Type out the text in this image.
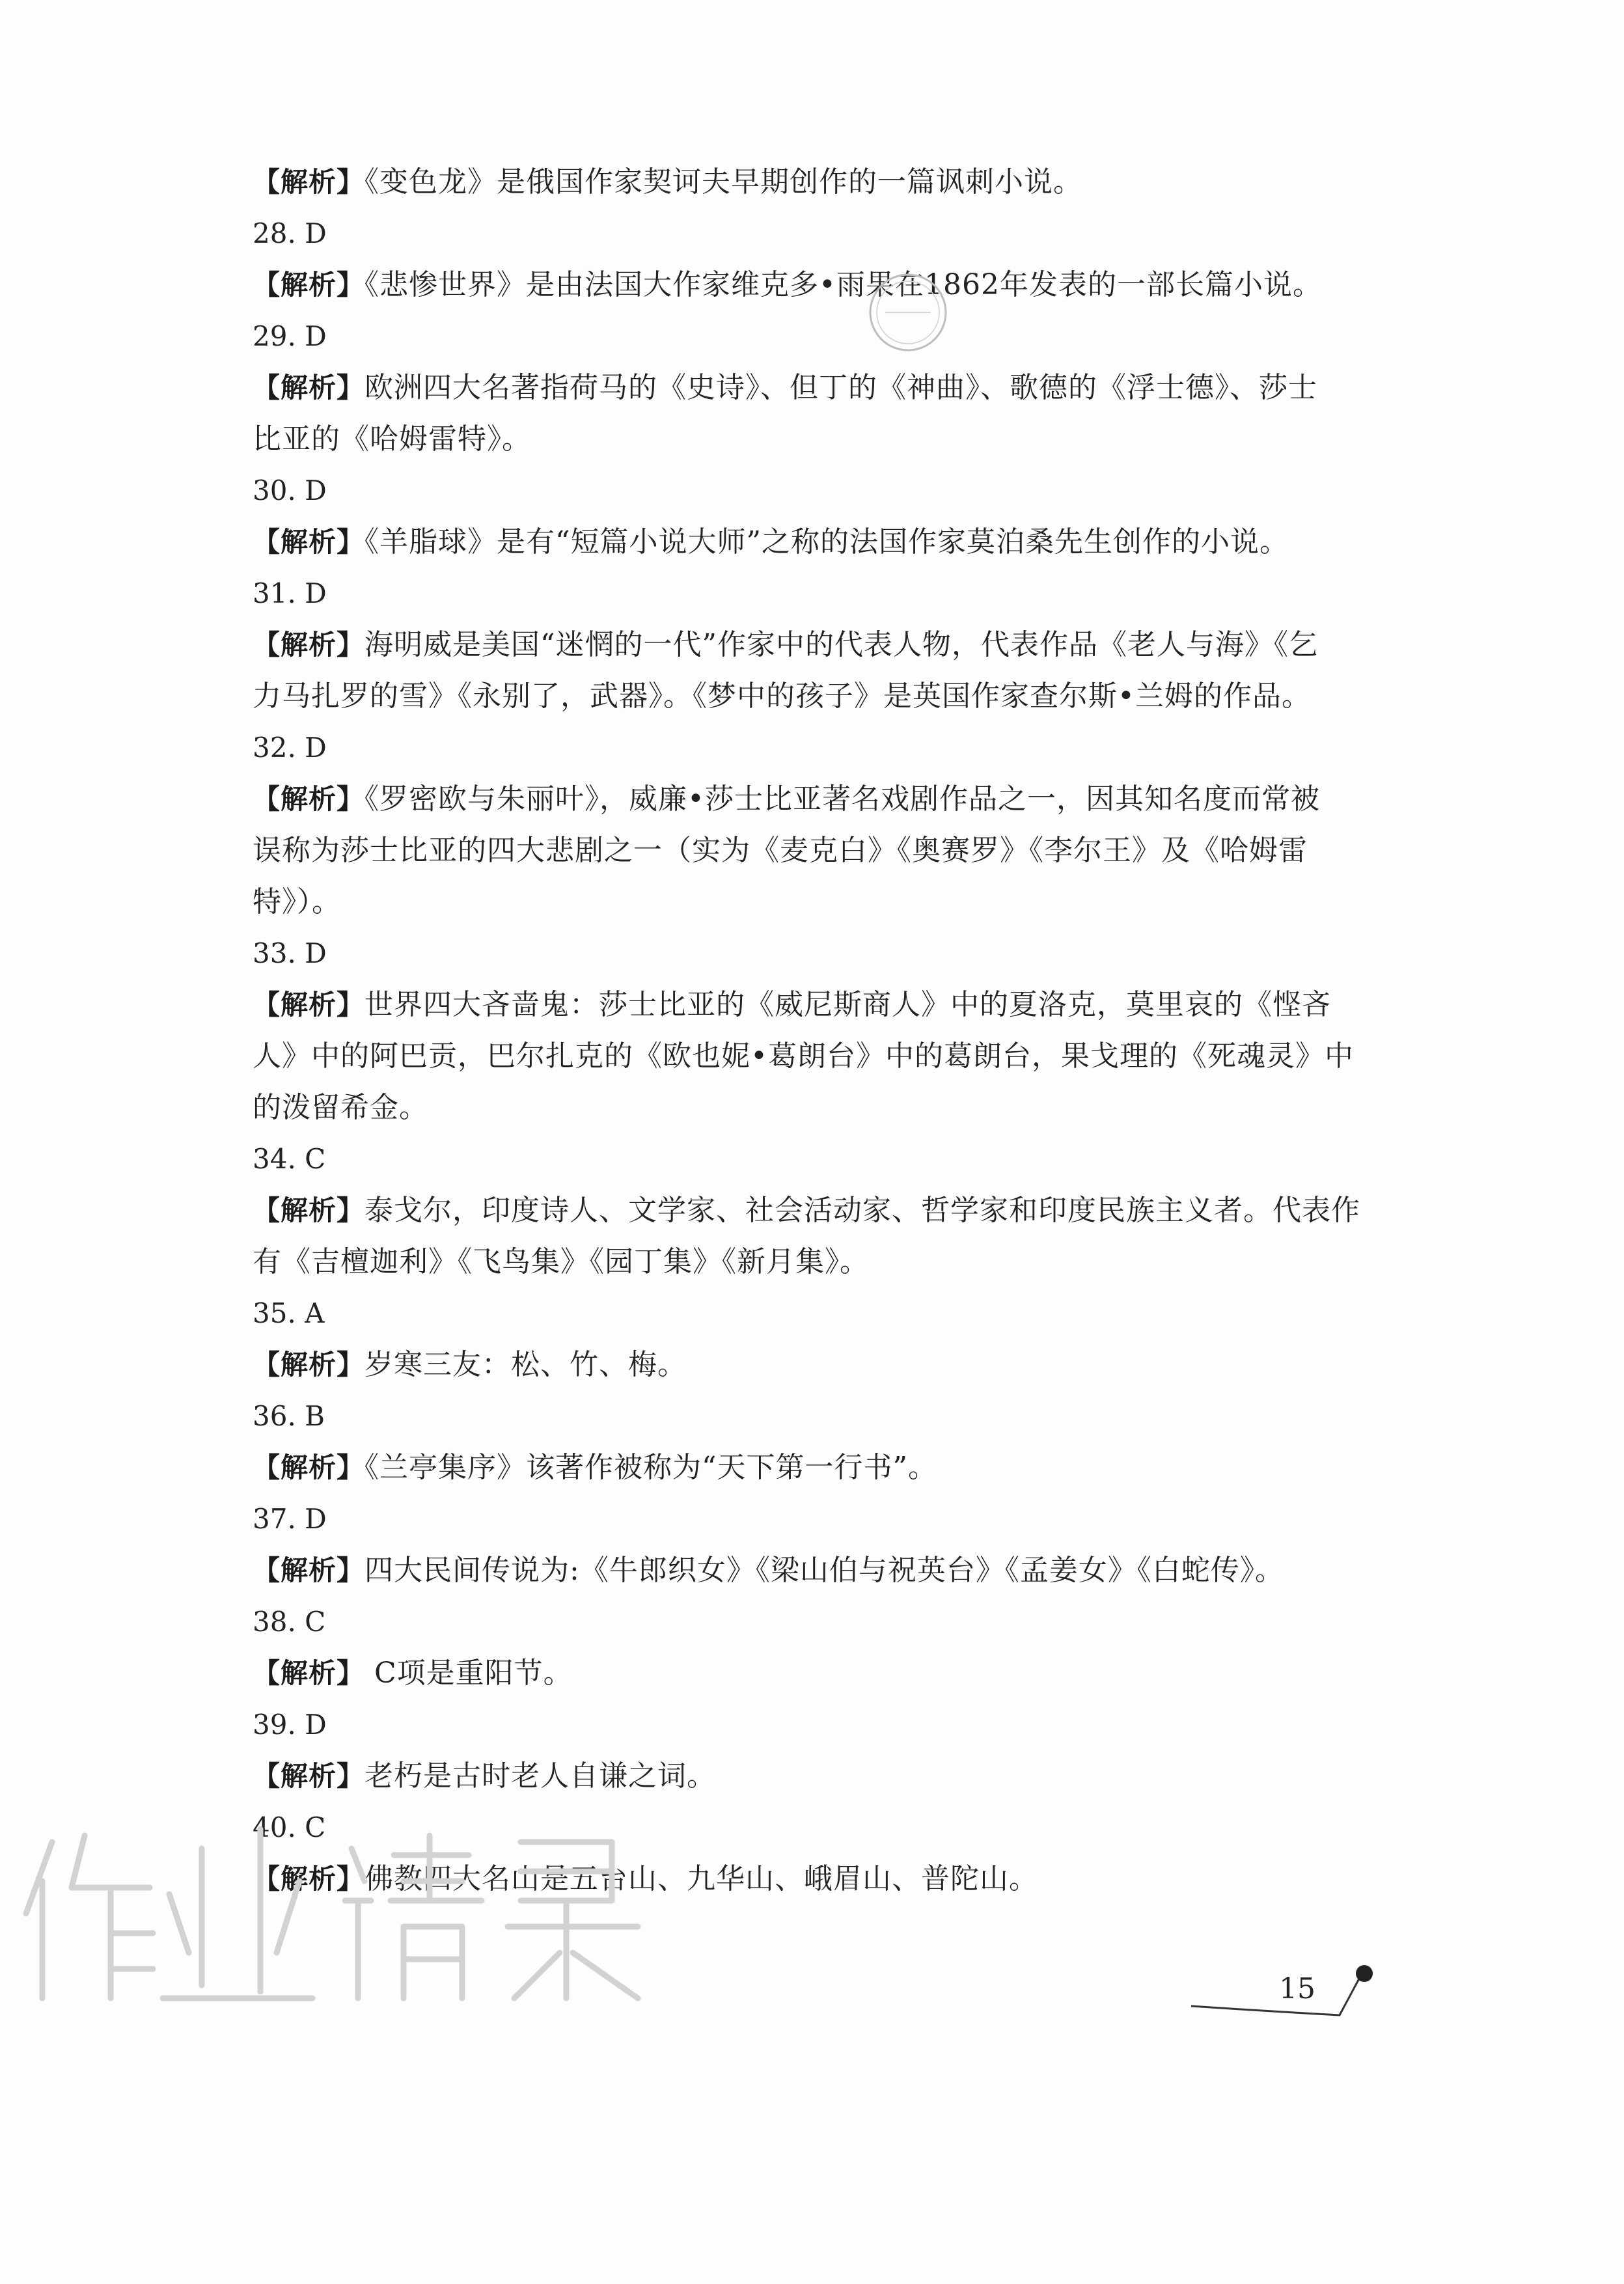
【解析】《变色龙》是俄国作家契诃夫早期创作的一篇讽刺小说。
28. D
【解析】《悲惨世界》是由法国大作家维克多•雨果在1862年发表的一部长篇小说。
29. D
【解析】欧洲四大名著指荷马的《史诗》、但丁的《神曲》、歌德的《浮士德》、莎士
比亚的《哈姆雷特》。
30. D
【解析】《羊脂球》是有“短篇小说大师”之称的法国作家莫泊桑先生创作的小说。
31. D
【解析】海明威是美国“迷惘的一代”作家中的代表人物，代表作品《老人与海》《乞
力马扎罗的雪》《永别了，武器》。《梦中的孩子》是英国作家查尔斯•兰姆的作品。
32. D
【解析】《罗密欧与朱丽叶》，威廉•莎士比亚著名戏剧作品之一，因其知名度而常被
误称为莎士比亚的四大悲剧之一（实为《麦克白》《奥赛罗》《李尔王》及《哈姆雷
特》）。
33. D
【解析】世界四大吝啬鬼：莎士比亚的《威尼斯商人》中的夏洛克，莫里哀的《悭吝
人》中的阿巴贡，巴尔扎克的《欧也妮•葛朗台》中的葛朗台，果戈理的《死魂灵》中
的泼留希金。
34. C
【解析】泰戈尔，印度诗人、文学家、社会活动家、哲学家和印度民族主义者。代表作
有《吉檀迦利》《飞鸟集》《园丁集》《新月集》。
35. A
【解析】岁寒三友：松、竹、梅。
36. B
【解析】《兰亭集序》该著作被称为“天下第一行书”。
37. D
【解析】四大民间传说为:《牛郎织女》《梁山伯与祝英台》《孟姜女》《白蛇传》。
38. C
【解析】 C项是重阳节。
39. D
【解析】老朽是古时老人自谦之词。
40. C
【解析】佛教四大名山是五台山、九华山、峨眉山、普陀山。
15
